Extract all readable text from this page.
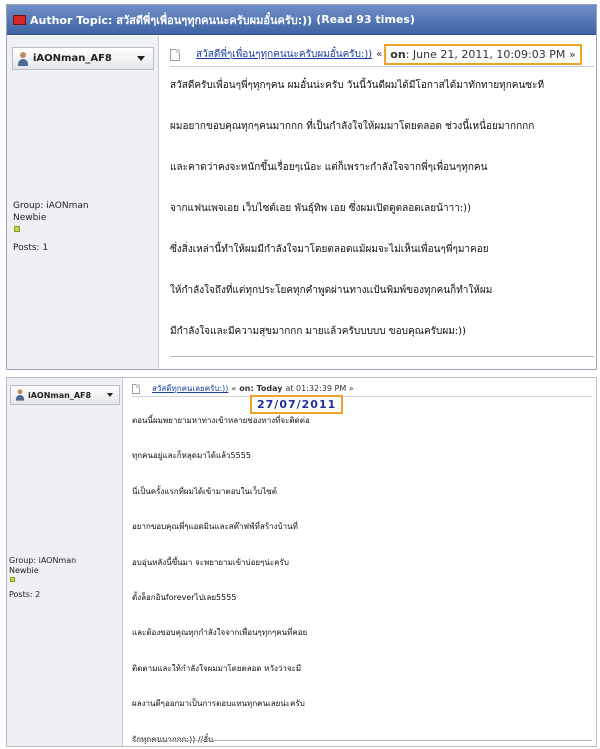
Author Topic: สวัสดีพี่ๆเพื่อนๆทุกคนนะครับผมอั๋นครับ:)) (Read 93 times)
iAONman_AF8
Group: iAONman
Newbie
Posts: 1
สวัสดีพี่ๆเพื่อนๆทุกคนนะครับผมอั๋นครับ:)) « on: June 21, 2011, 10:09:03 PM »
สวัสดีครับเพื่อนๆพี่ๆทุกๆคน ผมอั๋นน่ะครับ วันนี้วันดีผมได้มีโอกาสได้มาทักทายทุกคนซะที
ผมอยากขอบคุณทุกๆคนมากกก ที่เป็นกำลังใจให้ผมมาโดยตลอด ช่วงนี้เหนื่อยมากกกก
และคาดว่าคงจะหนักขึ้นเรื่อยๆเน้อะ แต่ก็เพราะกำลังใจจากพี่ๆเพื่อนๆทุกคน
จากแฟนเพจเอย เว็บไซต์เอย พันธุ์ทิพ เอย ซึ่งผมเปิดดูตลอดเลยน้าาา:))
ซึ่งสิ่งเหล่านี้ทำให้ผมมีกำลังใจมาโดยตลอดแม้ผมจะไม่เห็นเพื่อนๆพี่ๆมาคอย
ให้กำลังใจถึงที่แต่ทุกประโยคทุกคำพูดผ่านทางเเป้นพิมพ์ของทุกคนก็ทำให้ผม
มีกำลังใจและมีความสุขมากกก มายแล้วครับบบบบ ขอบคุณครับผม:))
iAONman_AF8
Group: iAONman
Newbie
Posts: 2
สวัสดีทุกคนเลยครับ:)) « on: Today at 01:32:39 PM »
27/07/2011
ตอนนี้ผมพยายามหาทางเข้าหลายช่องทางที่จะติดต่อ
ทุกคนอยู่และก็หลุดมาได้แล้ว5555
นี่เป็นครั้งแรกที่ผมได้เข้ามาตอบในเว็บไซต์
อยากขอบคุณพี่ๆแอดมินและสต๊าฟฟ์ที่สร้างบ้านที่
อบอุ่นหลังนี้ขึ้นมา จะพยายามเข้าบ่อยๆน่ะครับ
ตั้งล็อกอินforeverไปเลย5555
และต้องขอบคุณทุกกำลังใจจากเพื่อนๆทุกๆคนที่คอย
ติดตามและให้กำลังใจผมมาโดยตลอด หวังว่าจะมี
ผลงานดีๆออกมาเป็นการตอบแทนทุกคนเลยน่ะครับ
